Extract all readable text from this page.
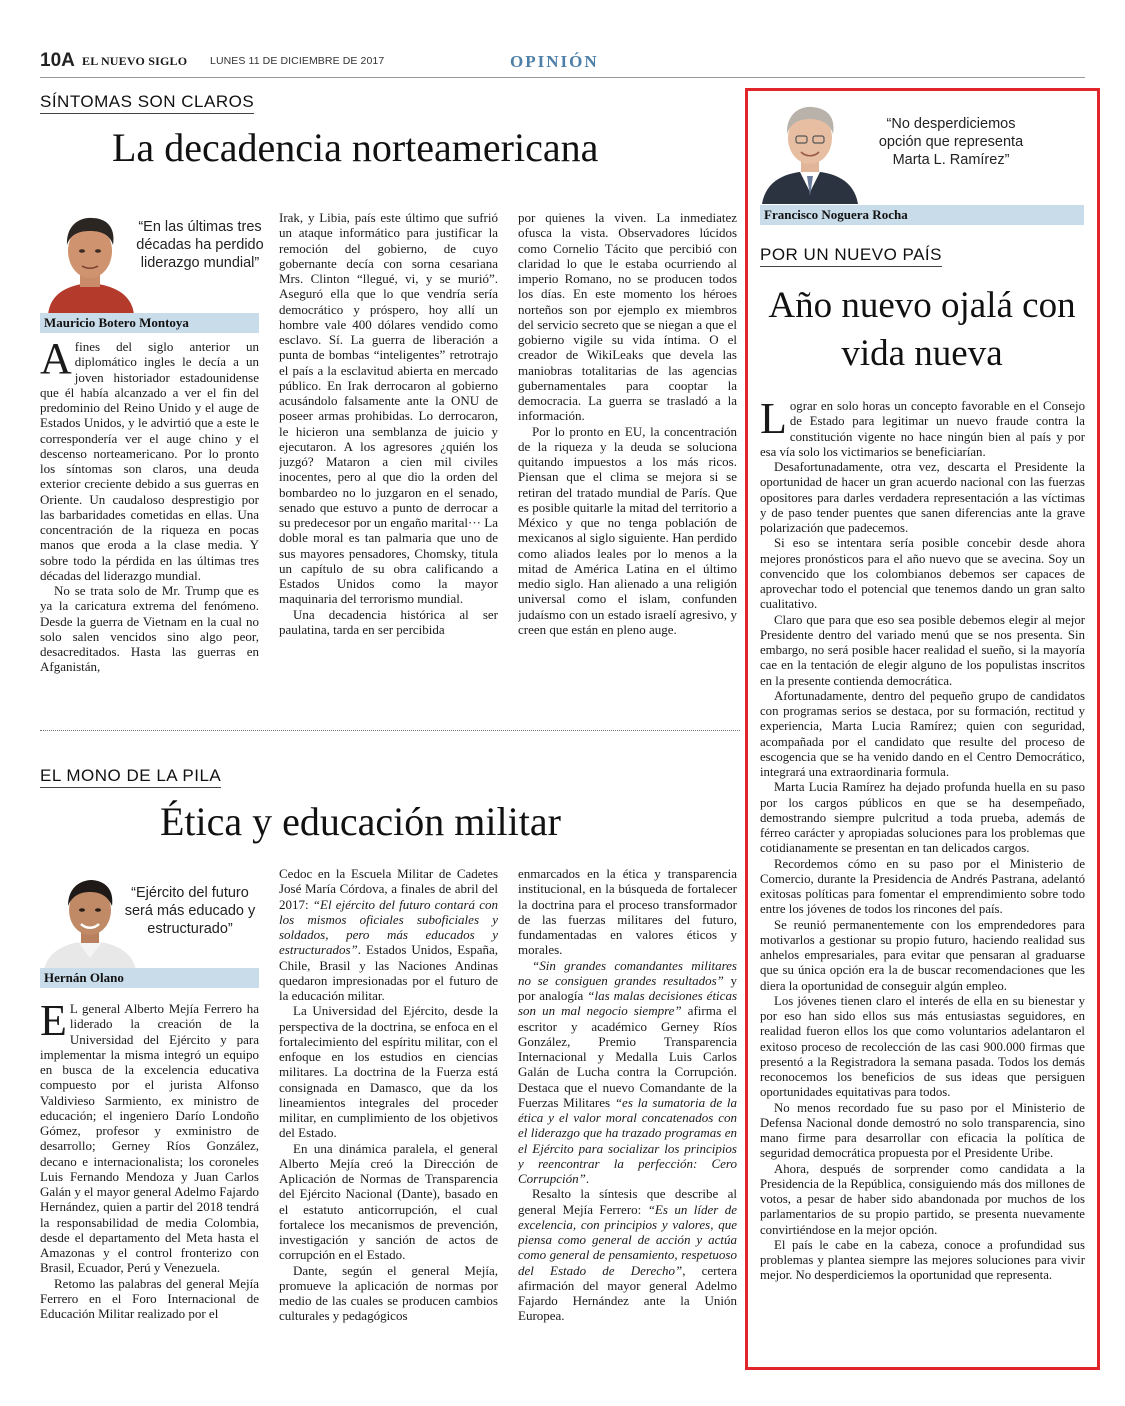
10A EL NUEVO SIGLO LUNES 11 DE DICIEMBRE DE 2017	OPINIÓN
SÍNTOMAS SON CLAROS
La decadencia norteamericana
“En las últimas tres décadas ha perdido liderazgo mundial”
Mauricio Botero Montoya

Afines del siglo anterior un diplomático ingles le decía a un joven historiador estadounidense que él había alcanzado a ver el fin del predominio del Reino Unido y el auge de Estados Unidos, y le advirtió que a este le correspondería ver el auge chino y el descenso norteamericano. Por lo pronto los síntomas son claros, una deuda exterior creciente debido a sus guerras en Oriente. Un caudaloso desprestigio por las barbaridades cometidas en ellas. Una concentración de la riqueza en pocas manos que eroda a la clase media. Y sobre todo la pérdida en las últimas tres décadas del liderazgo mundial.

No se trata solo de Mr. Trump que es ya la caricatura extrema del fenómeno. Desde la guerra de Vietnam en la cual no solo salen vencidos sino algo peor, desacreditados. Hasta las guerras en Afganistán,

Irak, y Libia, país este último que sufrió un ataque informático para justificar la remoción del gobierno, de cuyo gobernante decía con sorna cesariana Mrs. Clinton “llegué, vi, y se murió”. Aseguró ella que lo que vendría sería democrático y próspero, hoy allí un hombre vale 400 dólares vendido como esclavo. Sí. La guerra de liberación a punta de bombas “inteligentes” retrotrajo el país a la esclavitud abierta en mercado público. En Irak derrocaron al gobierno acusándolo falsamente ante la ONU de poseer armas prohibidas. Lo derrocaron, le hicieron una semblanza de juicio y ejecutaron. A los agresores ¿quién los juzgó? Mataron a cien mil civiles inocentes, pero al que dio la orden del bombardeo no lo juzgaron en el senado, senado que estuvo a punto de derrocar a su predecesor por un engaño marital··· La doble moral es tan palmaria que uno de sus mayores pensadores, Chomsky, titula un capítulo de su obra calificando a Estados Unidos como la mayor maquinaria del terrorismo mundial.

Una decadencia histórica al ser paulatina, tarda en ser percibida

por quienes la viven. La inmediatez ofusca la vista. Observadores lúcidos como Cornelio Tácito que percibió con claridad lo que le estaba ocurriendo al imperio Romano, no se producen todos los días. En este momento los héroes norteños son por ejemplo ex miembros del servicio secreto que se niegan a que el gobierno vigile su vida íntima. O el creador de WikiLeaks que devela las maniobras totalitarias de las agencias gubernamentales para cooptar la democracia. La guerra se trasladó a la información.

Por lo pronto en EU, la concentración de la riqueza y la deuda se soluciona quitando impuestos a los más ricos. Piensan que el clima se mejora si se retiran del tratado mundial de París. Que es posible quitarle la mitad del territorio a México y que no tenga población de mexicanos al siglo siguiente. Han perdido como aliados leales por lo menos a la mitad de América Latina en el último medio siglo. Han alienado a una religión universal como el islam, confunden judaísmo con un estado israelí agresivo, y creen que están en pleno auge.

EL MONO DE LA PILA
Ética y educación militar
“Ejército del futuro será más educado y estructurado”
Hernán Olano

E L general Alberto Mejía Ferrero ha liderado la creación de la Universidad del Ejército y para implementar la misma integró un equipo en busca de la excelencia educativa compuesto por el jurista Alfonso Valdivieso Sarmiento, ex ministro de educación; el ingeniero Darío Londoño Gómez, profesor y exministro de desarrollo; Gerney Ríos González, decano e internacionalista; los coroneles Luis Fernando Mendoza y Juan Carlos Galán y el mayor general Adelmo Fajardo Hernández, quien a partir del 2018 tendrá la responsabilidad de media Colombia, desde el departamento del Meta hasta el Amazonas y el control fronterizo con Brasil, Ecuador, Perú y Venezuela.

Retomo las palabras del general Mejía Ferrero en el Foro Internacional de Educación Militar realizado por el

Cedoc en la Escuela Militar de Cadetes José María Córdova, a finales de abril del 2017: “El ejército del futuro contará con los mismos oficiales suboficiales y soldados, pero más educados y estructurados”. Estados Unidos, España, Chile, Brasil y las Naciones Andinas quedaron impresionadas por el futuro de la educación militar.

La Universidad del Ejército, desde la perspectiva de la doctrina, se enfoca en el fortalecimiento del espíritu militar, con el enfoque en los estudios en ciencias militares. La doctrina de la Fuerza está consignada en Damasco, que da los lineamientos integrales del proceder militar, en cumplimiento de los objetivos del Estado.

En una dinámica paralela, el general Alberto Mejía creó la Dirección de Aplicación de Normas de Transparencia del Ejército Nacional (Dante), basado en el estatuto anticorrupción, el cual fortalece los mecanismos de prevención, investigación y sanción de actos de corrupción en el Estado.

Dante, según el general Mejía, promueve la aplicación de normas por medio de las cuales se producen cambios culturales y pedagógicos

enmarcados en la ética y transparencia institucional, en la búsqueda de fortalecer la doctrina para el proceso transformador de las fuerzas militares del futuro, fundamentadas en valores éticos y morales.

“Sin grandes comandantes militares no se consiguen grandes resultados” y por analogía “las malas decisiones éticas son un mal negocio siempre” afirma el escritor y académico Gerney Ríos González, Premio Transparencia Internacional y Medalla Luis Carlos Galán de Lucha contra la Corrupción. Destaca que el nuevo Comandante de la Fuerzas Militares “es la sumatoria de la ética y el valor moral concatenados con el liderazgo que ha trazado programas en el Ejército para socializar los principios y reencontrar la perfección: Cero Corrupción”.

Resalto la síntesis que describe al general Mejía Ferrero: “Es un líder de excelencia, con principios y valores, que piensa como general de acción y actúa como general de pensamiento, respetuoso del Estado de Derecho”, certera afirmación del mayor general Adelmo Fajardo Hernández ante la Unión Europea.

“No desperdiciemos opción que representa Marta L. Ramírez”
Francisco Noguera Rocha
POR UN NUEVO PAÍS
Año nuevo ojalá con vida nueva

Lograr en solo horas un concepto favorable en el Consejo de Estado para legitimar un nuevo fraude contra la constitución vigente no hace ningún bien al país y por esa vía solo los victimarios se beneficiarían.

Desafortunadamente, otra vez, descarta el Presidente la oportunidad de hacer un gran acuerdo nacional con las fuerzas opositores para darles verdadera representación a las víctimas y de paso tender puentes que sanen diferencias ante la grave polarización que padecemos.

Si eso se intentara sería posible concebir desde ahora mejores pronósticos para el año nuevo que se avecina. Soy un convencido que los colombianos debemos ser capaces de aprovechar todo el potencial que tenemos dando un gran salto cualitativo.

Claro que para que eso sea posible debemos elegir al mejor Presidente dentro del variado menú que se nos presenta. Sin embargo, no será posible hacer realidad el sueño, si la mayoría cae en la tentación de elegir alguno de los populistas inscritos en la presente contienda democrática.

Afortunadamente, dentro del pequeño grupo de candidatos con programas serios se destaca, por su formación, rectitud y experiencia, Marta Lucia Ramírez; quien con seguridad, acompañada por el candidato que resulte del proceso de escogencia que se ha venido dando en el Centro Democrático, integrará una extraordinaria formula.

Marta Lucia Ramírez ha dejado profunda huella en su paso por los cargos públicos en que se ha desempeñado, demostrando siempre pulcritud a toda prueba, además de férreo carácter y apropiadas soluciones para los problemas que cotidianamente se presentan en tan delicados cargos.

Recordemos cómo en su paso por el Ministerio de Comercio, durante la Presidencia de Andrés Pastrana, adelantó exitosas políticas para fomentar el emprendimiento sobre todo entre los jóvenes de todos los rincones del país.

Se reunió permanentemente con los emprendedores para motivarlos a gestionar su propio futuro, haciendo realidad sus anhelos empresariales, para evitar que pensaran al graduarse que su única opción era la de buscar recomendaciones que les diera la oportunidad de conseguir algún empleo.

Los jóvenes tienen claro el interés de ella en su bienestar y por eso han sido ellos sus más entusiastas seguidores, en realidad fueron ellos los que como voluntarios adelantaron el exitoso proceso de recolección de las casi 900.000 firmas que presentó a la Registradora la semana pasada. Todos los demás reconocemos los beneficios de sus ideas que persiguen oportunidades equitativas para todos.

No menos recordado fue su paso por el Ministerio de Defensa Nacional donde demostró no solo transparencia, sino mano firme para desarrollar con eficacia la política de seguridad democrática propuesta por el Presidente Uribe.

Ahora, después de sorprender como candidata a la Presidencia de la República, consiguiendo más dos millones de votos, a pesar de haber sido abandonada por muchos de los parlamentarios de su propio partido, se presenta nuevamente convirtiéndose en la mejor opción.

El país le cabe en la cabeza, conoce a profundidad sus problemas y plantea siempre las mejores soluciones para vivir mejor. No desperdiciemos la oportunidad que representa.
